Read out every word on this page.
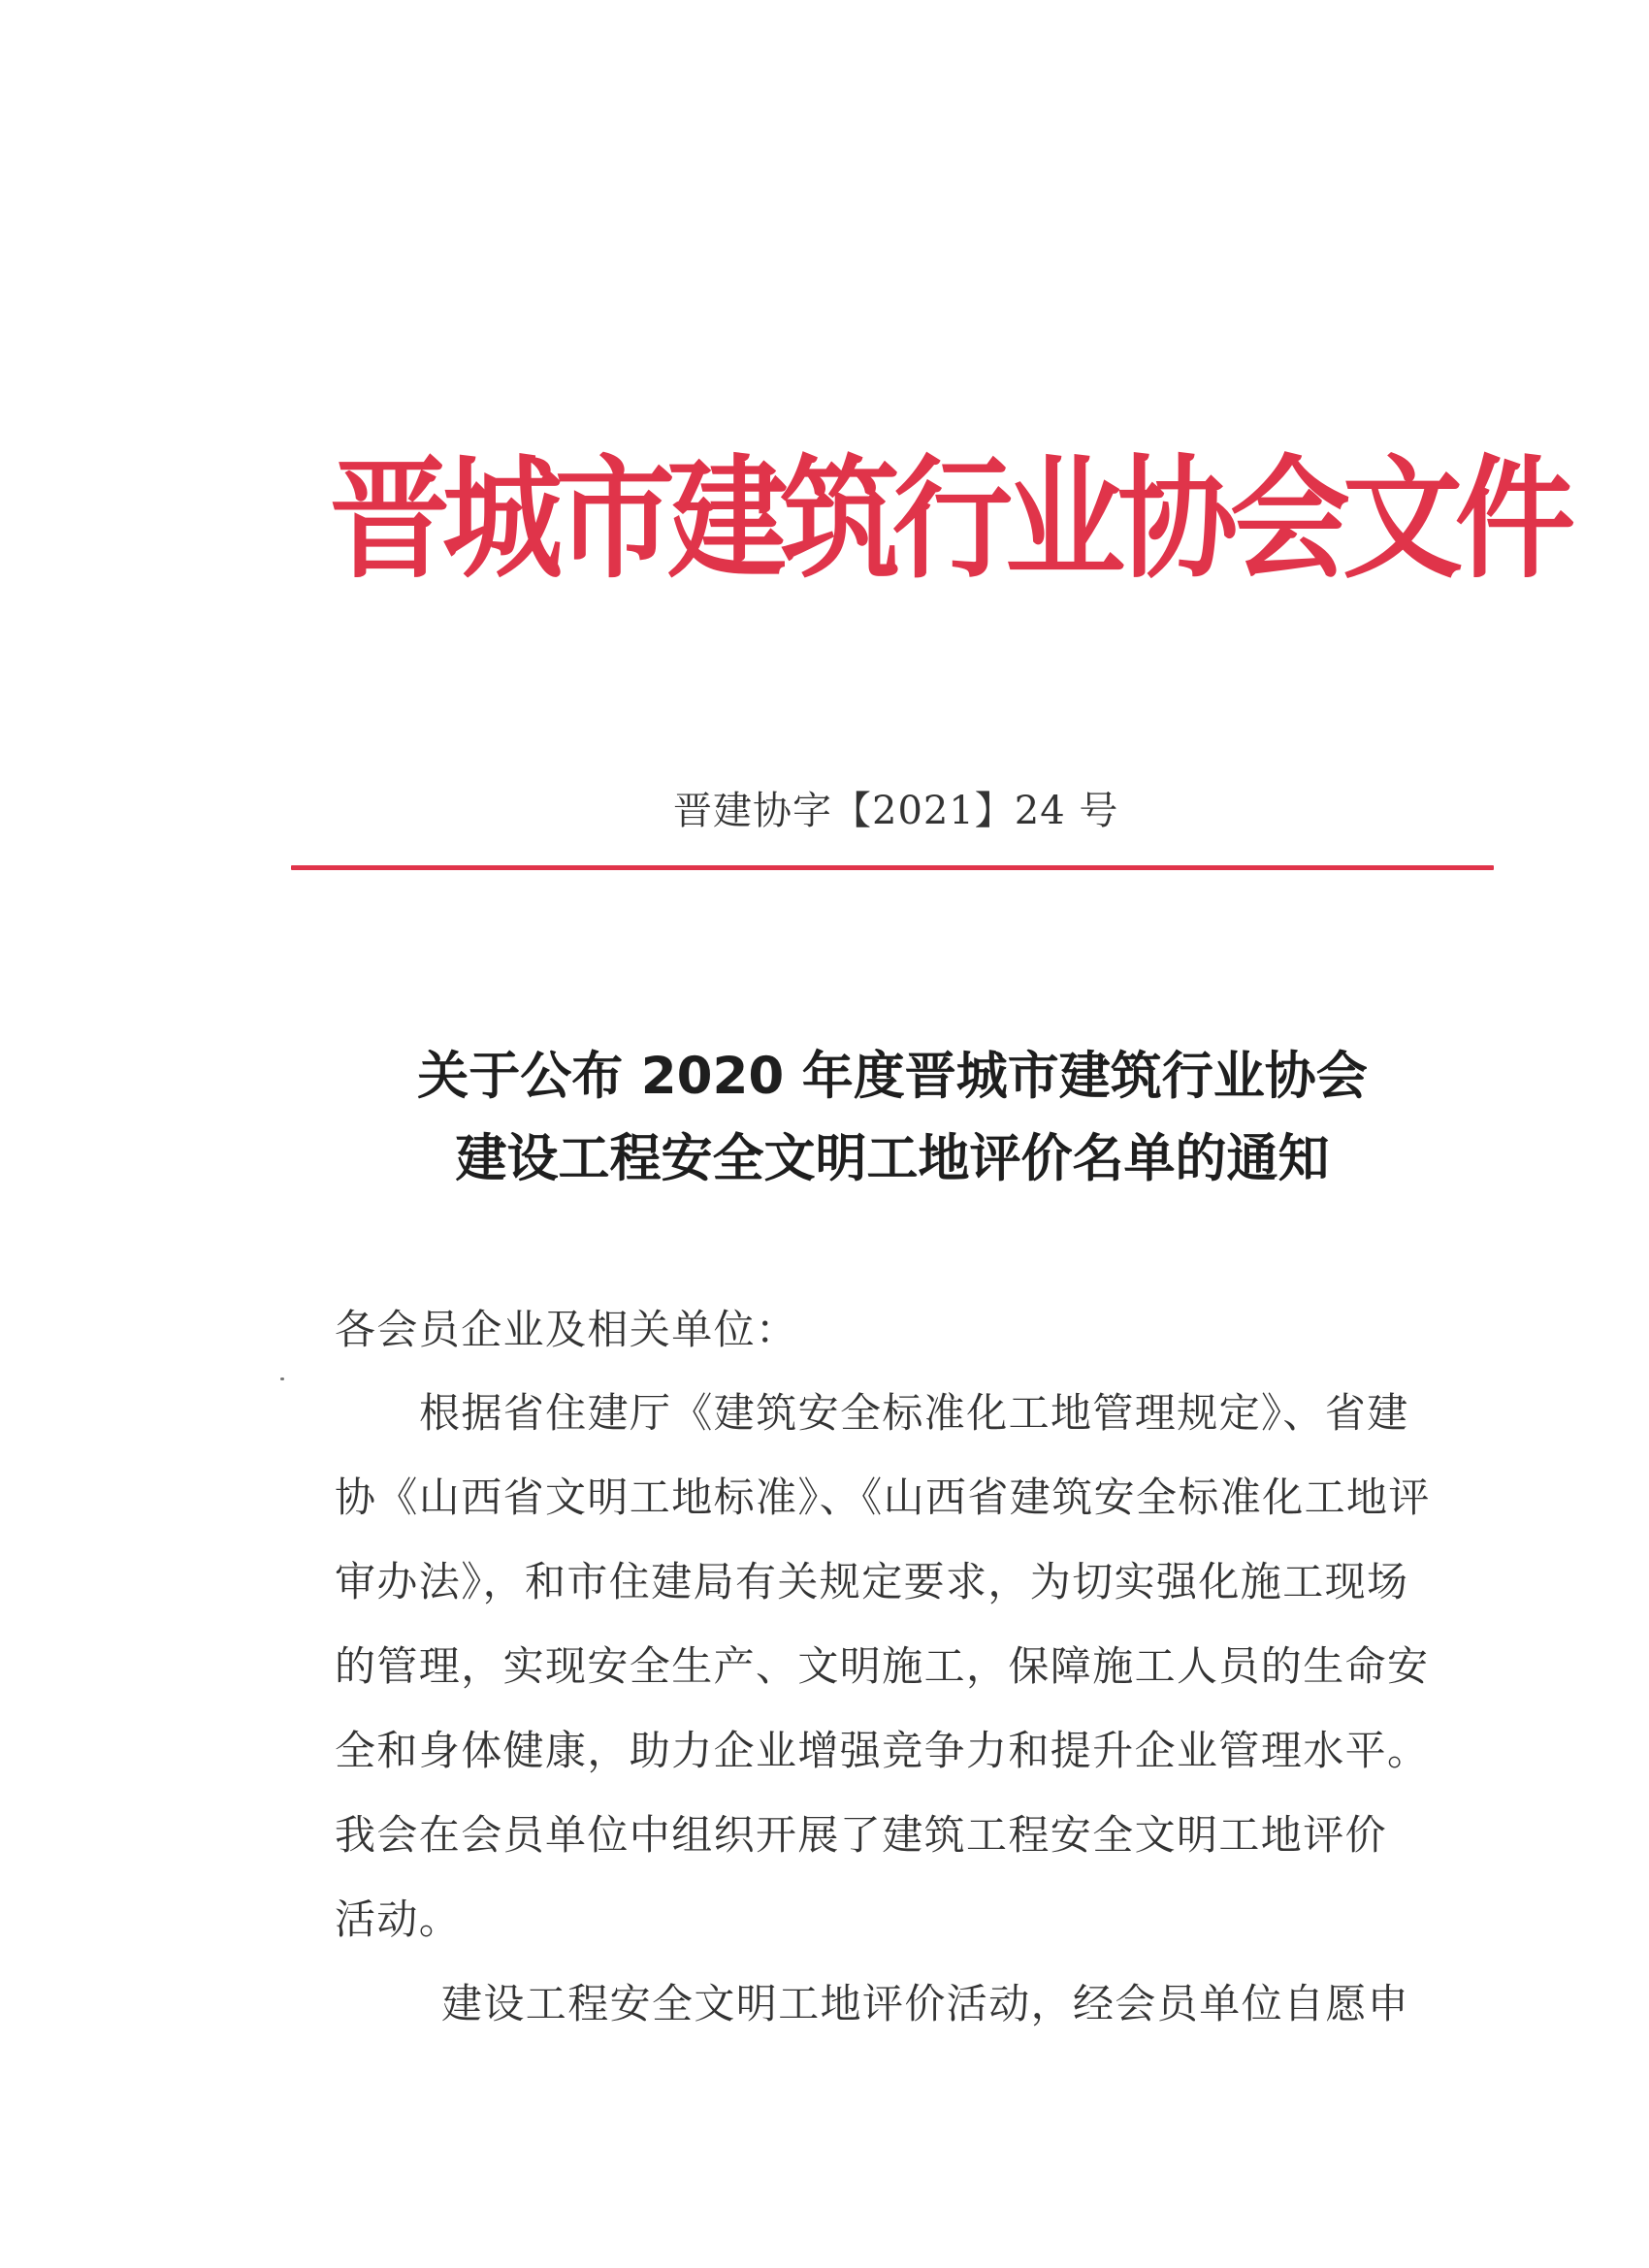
晋城市建筑行业协会文件
晋建协字【2021】24 号
关于公布 2020 年度晋城市建筑行业协会
建设工程安全文明工地评价名单的通知
各会员企业及相关单位：
根据省住建厅《建筑安全标准化工地管理规定》、省建
协《山西省文明工地标准》、《山西省建筑安全标准化工地评
审办法》，和市住建局有关规定要求，为切实强化施工现场
的管理，实现安全生产、文明施工，保障施工人员的生命安
全和身体健康，助力企业增强竞争力和提升企业管理水平。
我会在会员单位中组织开展了建筑工程安全文明工地评价
活动。
建设工程安全文明工地评价活动，经会员单位自愿申
